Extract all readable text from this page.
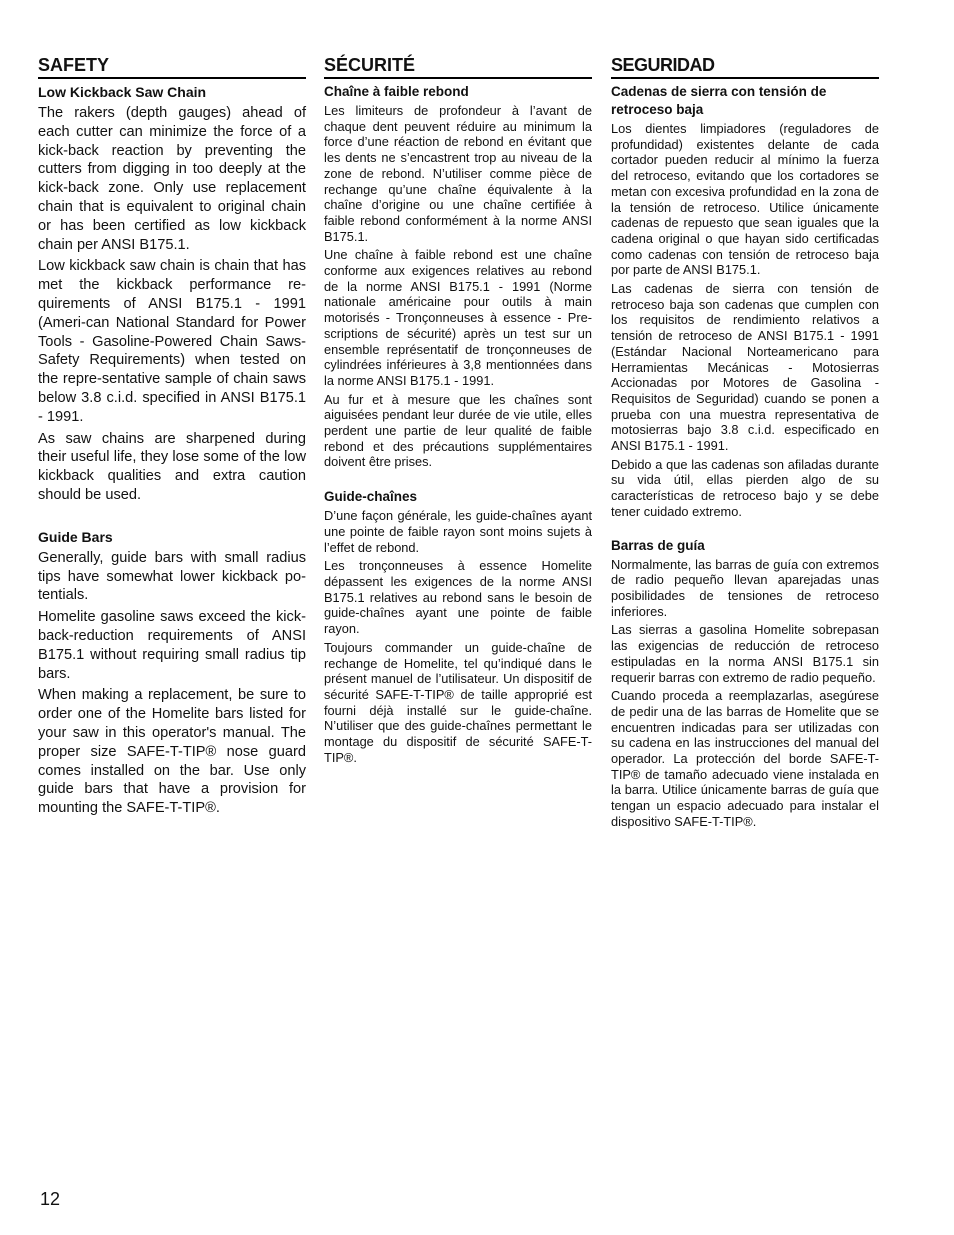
SAFETY
Low Kickback Saw Chain

The rakers (depth gauges) ahead of each cutter can minimize the force of a kick-back reaction by preventing the cutters from digging in too deeply at the kick-back zone. Only use replacement chain that is equivalent to original chain or has been certified as low kickback chain per ANSI B175.1.

Low kickback saw chain is chain that has met the kickback performance re-quirements of ANSI B175.1 - 1991 (Ameri-can National Standard for Power Tools - Gasoline-Powered Chain Saws-Safety Requirements) when tested on the repre-sentative sample of chain saws below 3.8 c.i.d. specified in ANSI B175.1 - 1991.

As saw chains are sharpened during their useful life, they lose some of the low kickback qualities and extra caution should be used.

Guide Bars

Generally, guide bars with small radius tips have somewhat lower kickback po-tentials.

Homelite gasoline saws exceed the kick-back-reduction requirements of ANSI B175.1 without requiring small radius tip bars.

When making a replacement, be sure to order one of the Homelite bars listed for your saw in this operator's manual. The proper size SAFE-T-TIP® nose guard comes installed on the bar. Use only guide bars that have a provision for mounting the SAFE-T-TIP®.

SÉCURITÉ
Chaîne à faible rebond

Les limiteurs de profondeur à l’avant de chaque dent peuvent réduire au minimum la force d’une réaction de rebond en évitant que les dents ne s’encastrent trop au niveau de la zone de rebond. N’utiliser comme pièce de rechange qu’une chaîne équivalente à la chaîne d’origine ou une chaîne certifiée à faible rebond conformément à la norme ANSI B175.1.

Une chaîne à faible rebond est une chaîne conforme aux exigences relatives au rebond de la norme ANSI B175.1 - 1991 (Norme nationale américaine pour outils à main motorisés - Tronçonneuses à essence - Pre-scriptions de sécurité) après un test sur un ensemble représentatif de tronçonneuses de cylindrées inférieures à 3,8 mentionnées dans la norme ANSI B175.1 - 1991.

Au fur et à mesure que les chaînes sont aiguisées pendant leur durée de vie utile, elles perdent une partie de leur qualité de faible rebond et des précautions supplémentaires doivent être prises.

Guide-chaînes

D’une façon générale, les guide-chaînes ayant une pointe de faible rayon sont moins sujets à l’effet de rebond.

Les tronçonneuses à essence Homelite dépassent les exigences de la norme ANSI B175.1 relatives au rebond sans le besoin de guide-chaînes ayant une pointe de faible rayon.

Toujours commander un guide-chaîne de rechange de Homelite, tel qu’indiqué dans le présent manuel de l’utilisateur. Un dispositif de sécurité SAFE-T-TIP® de taille approprié est fourni déjà installé sur le guide-chaîne. N’utiliser que des guide-chaînes permettant le montage du dispositif de sécurité SAFE-T-TIP®.

SEGURIDAD
Cadenas de sierra con tensión de retroceso baja

Los dientes limpiadores (reguladores de profundidad) existentes delante de cada cortador pueden reducir al mínimo la fuerza del retroceso, evitando que los cortadores se metan con excesiva profundidad en la zona de la tensión de retroceso. Utilice únicamente cadenas de repuesto que sean iguales que la cadena original o que hayan sido certificadas como cadenas con tensión de retroceso baja por parte de ANSI B175.1.

Las cadenas de sierra con tensión de retroceso baja son cadenas que cumplen con los requisitos de rendimiento relativos a tensión de retroceso de ANSI B175.1 - 1991 (Estándar Nacional Norteamericano para Herramientas Mecánicas - Motosierras Accionadas por Motores de Gasolina - Requisitos de Seguridad) cuando se ponen a prueba con una muestra representativa de motosierras bajo 3.8 c.i.d. especificado en ANSI B175.1 - 1991.

Debido a que las cadenas son afiladas durante su vida útil, ellas pierden algo de su características de retroceso bajo y se debe tener cuidado extremo.

Barras de guía

Normalmente, las barras de guía con extremos de radio pequeño llevan aparejadas unas posibilidades de tensiones de retroceso inferiores.

Las sierras a gasolina Homelite sobrepasan las exigencias de reducción de retroceso estipuladas en la norma ANSI B175.1 sin requerir barras con extremo de radio pequeño.

Cuando proceda a reemplazarlas, asegúrese de pedir una de las barras de Homelite que se encuentren indicadas para ser utilizadas con su cadena en las instrucciones del manual del operador. La protección del borde SAFE-T-TIP® de tamaño adecuado viene instalada en la barra. Utilice únicamente barras de guía que tengan un espacio adecuado para instalar el dispositivo SAFE-T-TIP®.

12
